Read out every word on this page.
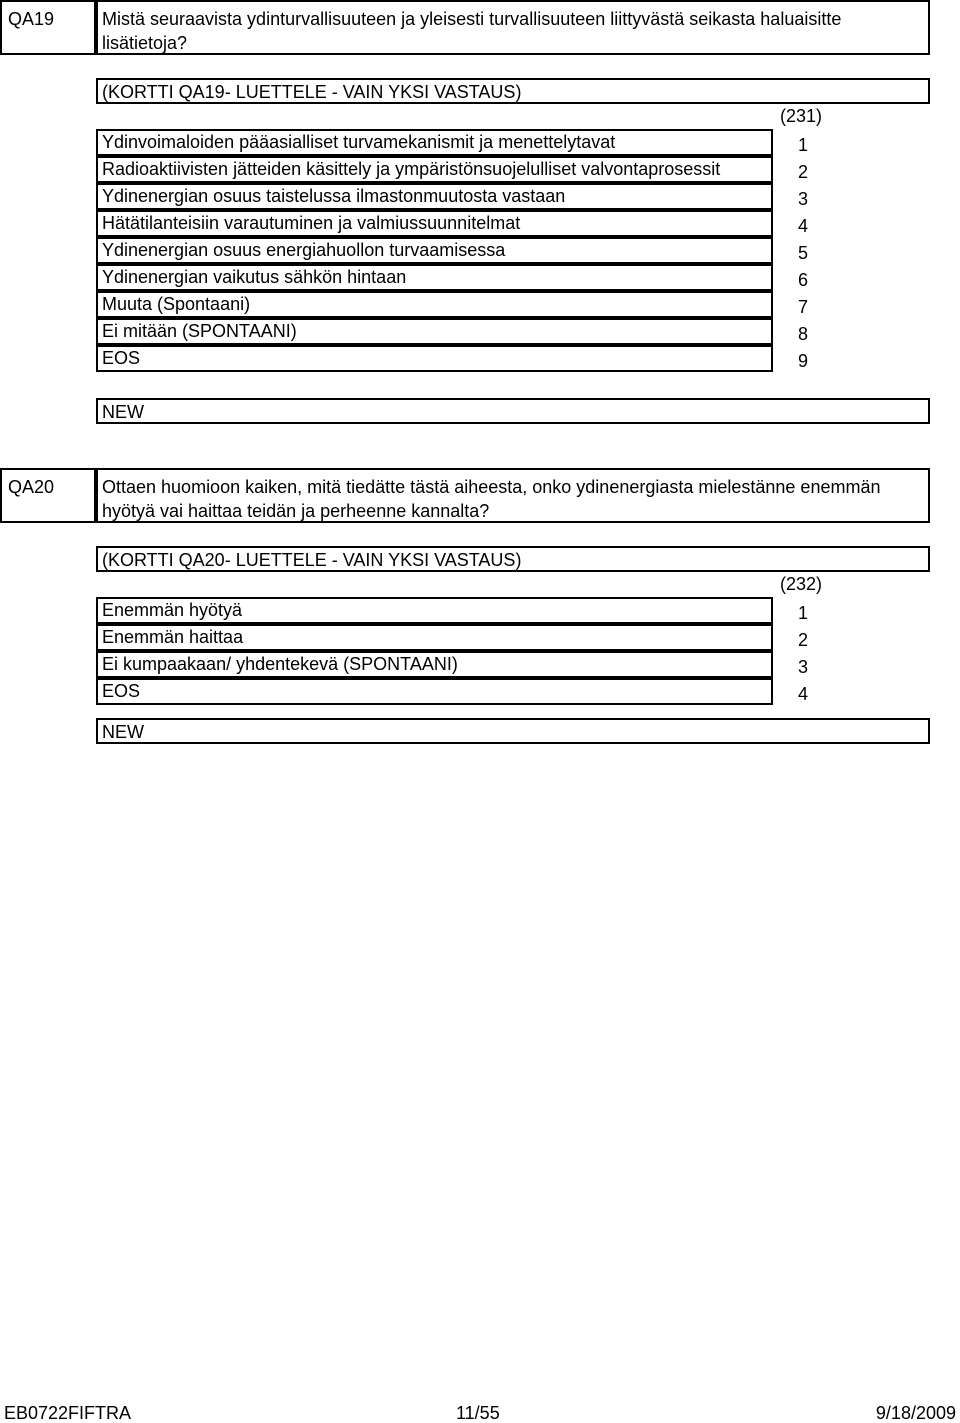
QA19	Mistä seuraavista ydinturvallisuuteen ja yleisesti turvallisuuteen liittyvästä seikasta haluaisitte lisätietoja?
(KORTTI QA19- LUETTELE - VAIN YKSI VASTAUS)
(231)
Ydinvoimaloiden pääasialliset turvamekanismit ja menettelytavat	1
Radioaktiivisten jätteiden käsittely ja ympäristönsuojelulliset valvontaprosessit	2
Ydinenergian osuus taistelussa ilmastonmuutosta vastaan	3
Hätätilanteisiin varautuminen ja valmiussuunnitelmat	4
Ydinenergian osuus energiahuollon turvaamisessa	5
Ydinenergian vaikutus sähkön hintaan	6
Muuta (Spontaani)	7
Ei mitään (SPONTAANI)	8
EOS	9
NEW
QA20	Ottaen huomioon kaiken, mitä tiedätte tästä aiheesta, onko ydinenergiasta mielestänne enemmän hyötyä vai haittaa teidän ja perheenne kannalta?
(KORTTI QA20- LUETTELE - VAIN YKSI VASTAUS)
(232)
Enemmän hyötyä	1
Enemmän haittaa	2
Ei kumpaakaan/ yhdentekevä (SPONTAANI)	3
EOS	4
NEW
EB0722FIFTRA	11/55	9/18/2009
